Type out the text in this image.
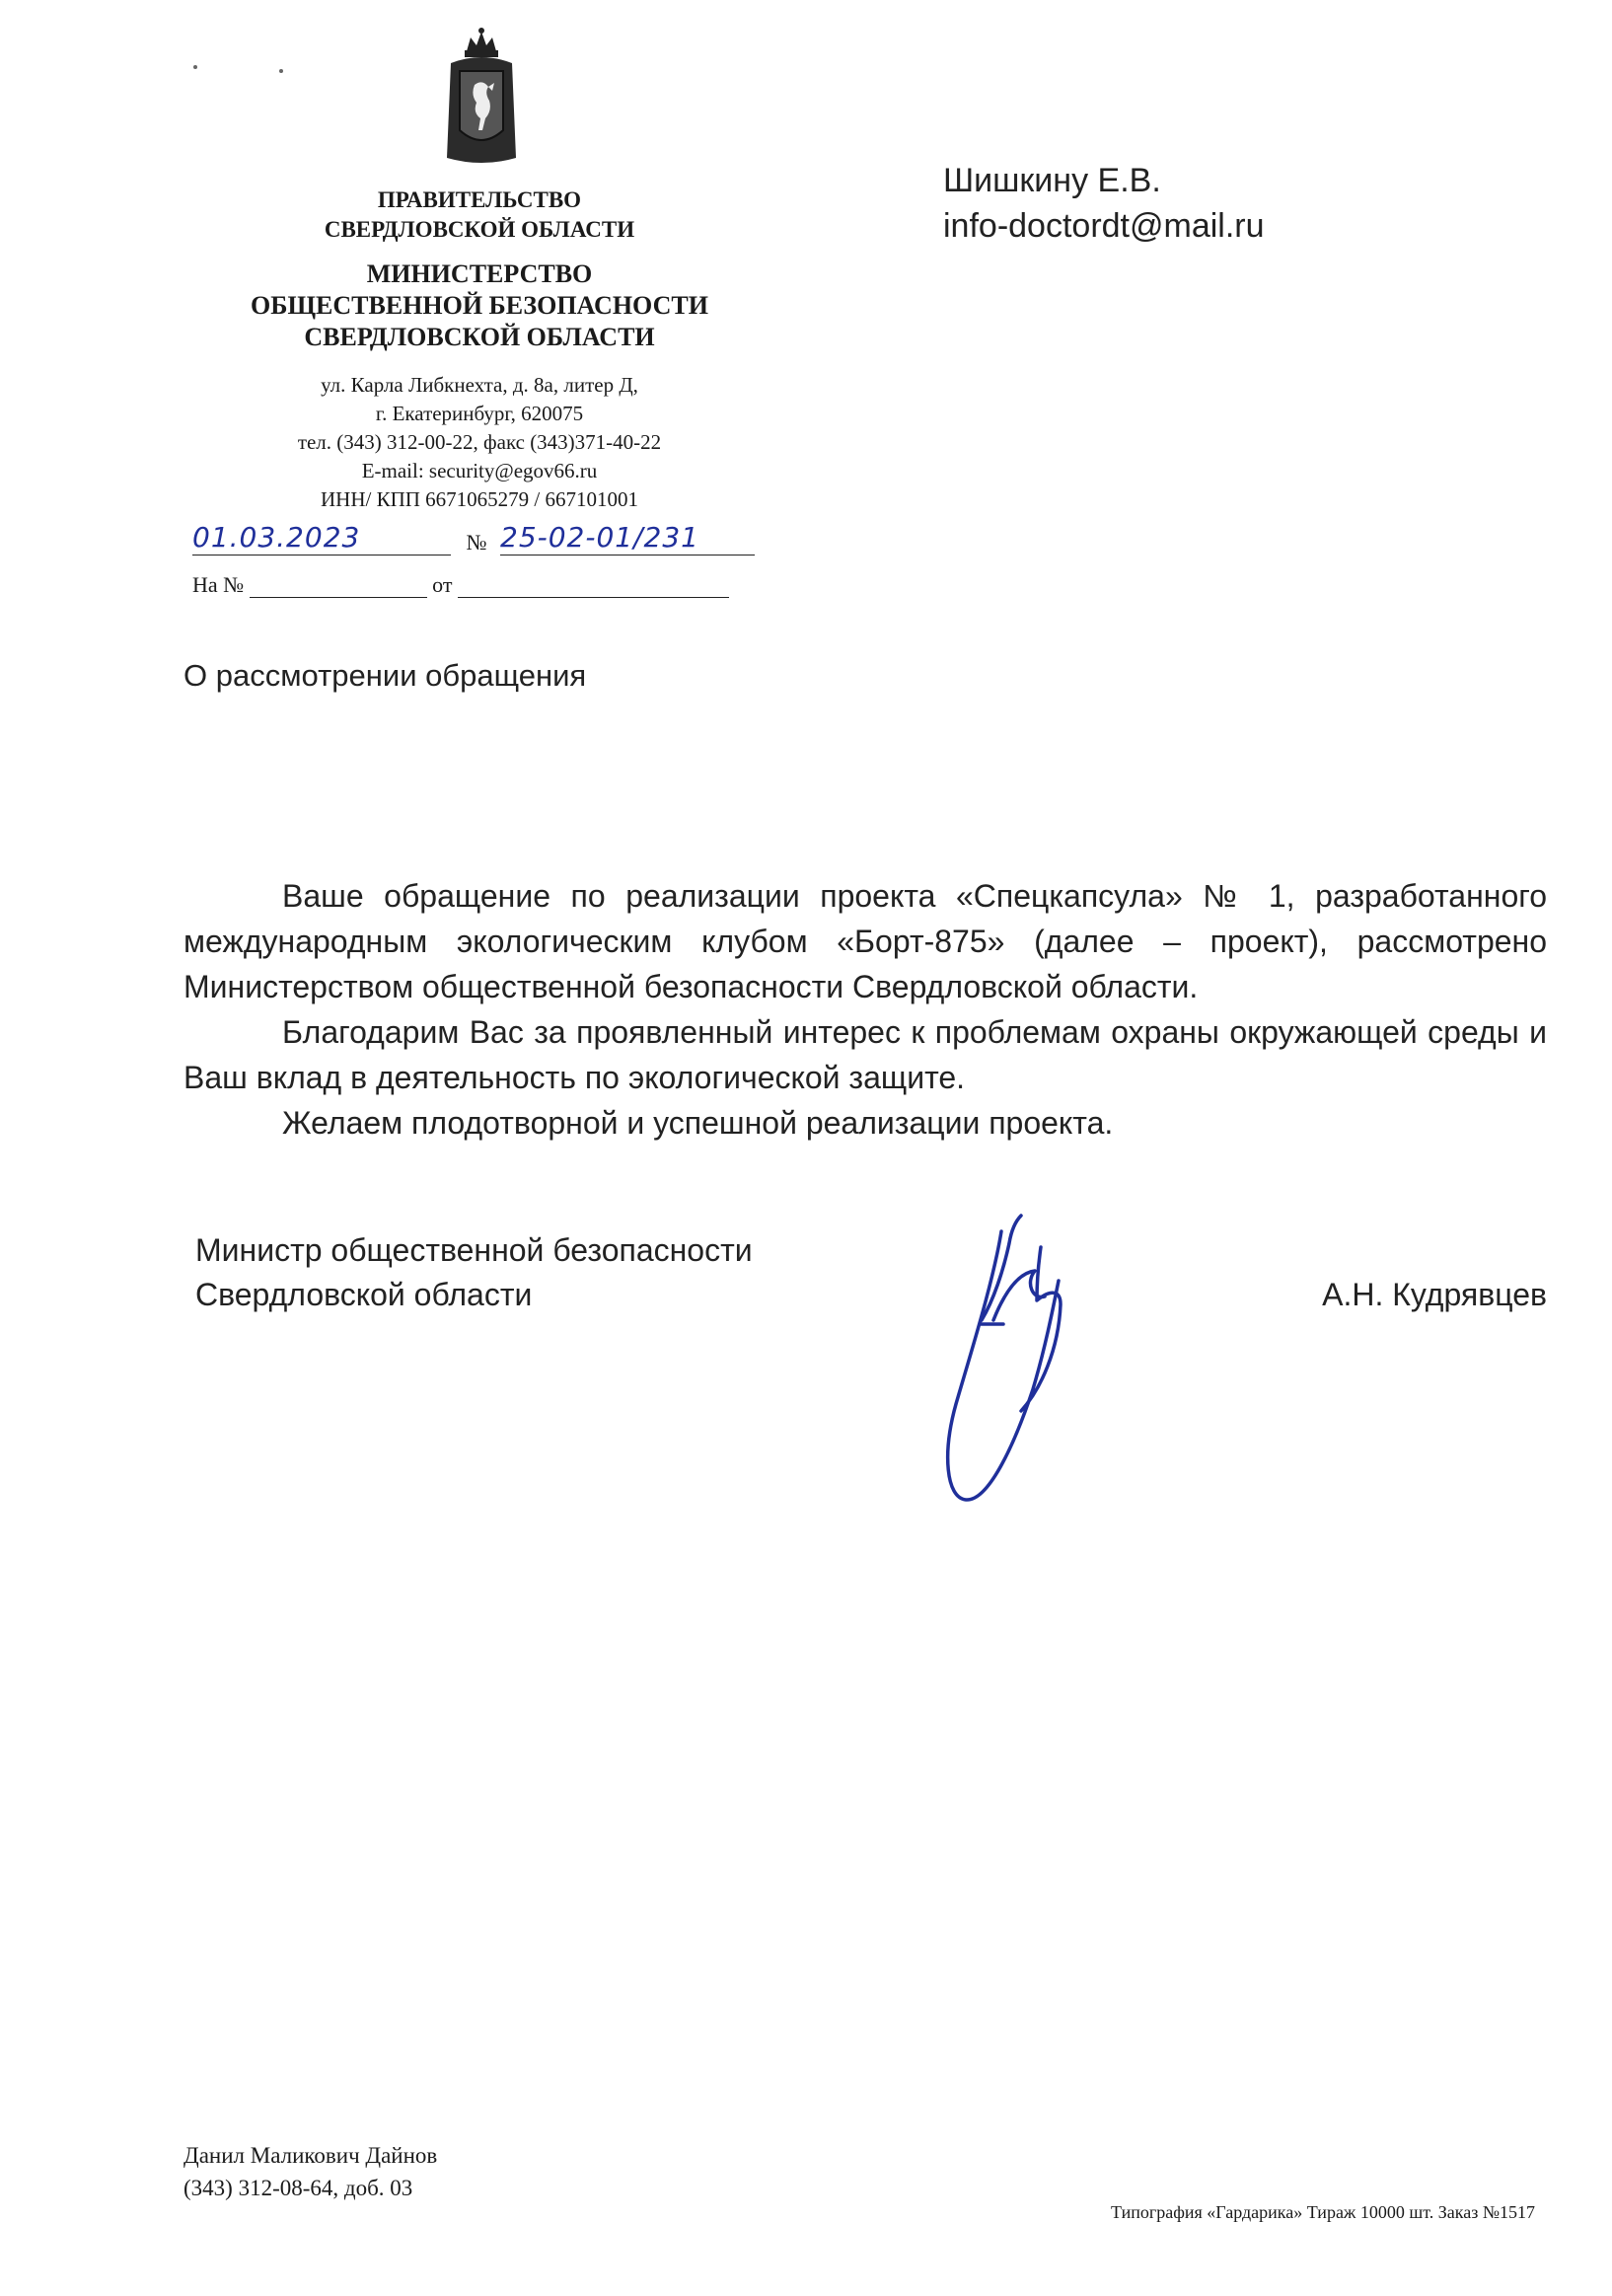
ПРАВИТЕЛЬСТВО
СВЕРДЛОВСКОЙ ОБЛАСТИ
МИНИСТЕРСТВО
ОБЩЕСТВЕННОЙ БЕЗОПАСНОСТИ
СВЕРДЛОВСКОЙ ОБЛАСТИ
ул. Карла Либкнехта, д. 8а, литер Д,
г. Екатеринбург, 620075
тел. (343) 312-00-22, факс (343)371-40-22
E-mail: security@egov66.ru
ИНН/ КПП 6671065279 / 667101001
01.03.2023	№ 25-02-01/231
На №	от
Шишкину Е.В.
info-doctordt@mail.ru
О рассмотрении обращения

Ваше обращение по реализации проекта «Спецкапсула» № 1, разработанного международным экологическим клубом «Борт-875» (далее – проект), рассмотрено Министерством общественной безопасности Свердловской области.

Благодарим Вас за проявленный интерес к проблемам охраны окружающей среды и Ваш вклад в деятельность по экологической защите.

Желаем плодотворной и успешной реализации проекта.

Министр общественной безопасности
Свердловской области	А.Н. Кудрявцев
Данил Маликович Дайнов
(343) 312-08-64, доб. 03
Типография «Гардарика» Тираж 10000 шт. Заказ №1517
